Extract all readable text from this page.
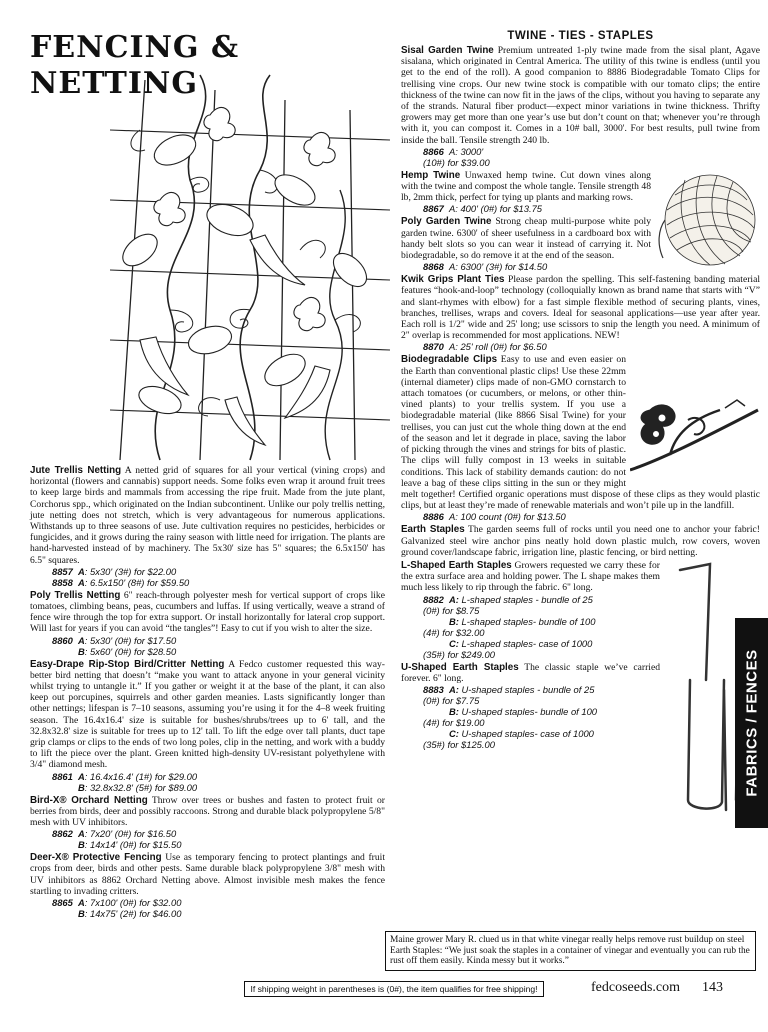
FENCING & NETTING
Jute Trellis Netting A netted grid of squares for all your vertical (vining crops) and horizontal (flowers and cannabis) support needs. Some folks even wrap it around fruit trees to keep large birds and mammals from accessing the ripe fruit. Made from the jute plant, Corchorus spp., which originated on the Indian subcontinent. Unlike our poly trellis netting, jute netting does not stretch, which is very advantageous for numerous applications. Withstands up to three seasons of use. Jute cultivation requires no pesticides, herbicides or fungicides, and it grows during the rainy season with little need for irrigation. The plants are hand-harvested instead of by machinery. The 5x30' size has 5" squares; the 6.5x150' has 6.5" squares.
8857 A: 5x30' (3#) for $22.00
8858 A: 6.5x150' (8#) for $59.50
Poly Trellis Netting 6" reach-through polyester mesh for vertical support of crops like tomatoes, climbing beans, peas, cucumbers and luffas. If using vertically, weave a strand of fence wire through the top for extra support. Or install horizontally for lateral crop support. Will last for years if you can avoid “the tangles”! Easy to cut if you wish to alter the size.
8860 A: 5x30' (0#) for $17.50
B: 5x60' (0#) for $28.50
Easy-Drape Rip-Stop Bird/Critter Netting A Fedco customer requested this way-better bird netting that doesn’t “make you want to attack anyone in your general vicinity whilst trying to untangle it.” If you gather or weight it at the base of the plant, it can also keep out porcupines, squirrels and other garden meanies. Lasts significantly longer than other nettings; lifespan is 7–10 seasons, assuming you’re using it for the 4–8 week fruiting season. The 16.4x16.4' size is suitable for bushes/shrubs/trees up to 6' tall, and the 32.8x32.8' size is suitable for trees up to 12' tall. To lift the edge over tall plants, duct tape grip clamps or clips to the ends of two long poles, clip in the netting, and work with a buddy to lift the piece over the plant. Green knitted high-density UV-resistant polyethylene with 3/4" diamond mesh.
8861 A: 16.4x16.4' (1#) for $29.00
B: 32.8x32.8' (5#) for $89.00
Bird-X® Orchard Netting Throw over trees or bushes and fasten to protect fruit or berries from birds, deer and possibly raccoons. Strong and durable black polypropylene 5/8" mesh with UV inhibitors.
8862 A: 7x20' (0#) for $16.50
B: 14x14' (0#) for $15.50
Deer-X® Protective Fencing Use as temporary fencing to protect plantings and fruit crops from deer, birds and other pests. Same durable black polypropylene 3/8" mesh with UV inhibitors as 8862 Orchard Netting above. Almost invisible mesh makes the fence startling to invading critters.
8865 A: 7x100' (0#) for $32.00
B: 14x75' (2#) for $46.00
TWINE - TIES - STAPLES
Sisal Garden Twine Premium untreated 1-ply twine made from the sisal plant, Agave sisalana, which originated in Central America. The utility of this twine is endless (until you get to the end of the roll). A good companion to 8886 Biodegradable Tomato Clips for trellising vine crops. Our new twine stock is compatible with our tomato clips; the entire thickness of the twine can now fit in the jaws of the clips, without you having to separate any of the strands. Natural fiber product—expect minor variations in twine thickness. Thrifty growers may get more than one year’s use but don’t count on that; whenever you’re through with it, you can compost it. Comes in a 10# ball, 3000'. For best results, pull twine from inside the ball. Tensile strength 240 lb.
8866 A: 3000'
(10#) for $39.00
Hemp Twine Unwaxed hemp twine. Cut down vines along with the twine and compost the whole tangle. Tensile strength 48 lb, 2mm thick, perfect for tying up plants and marking rows.
8867 A: 400' (0#) for $13.75
Poly Garden Twine Strong cheap multi-purpose white poly garden twine. 6300' of sheer usefulness in a cardboard box with handy belt slots so you can wear it instead of carrying it. Not biodegradable, so do remove it at the end of the season.
8868 A: 6300' (3#) for $14.50
Kwik Grips Plant Ties Please pardon the spelling. This self-fastening banding material features “hook-and-loop” technology (colloquially known as brand name that starts with “V” and slant-rhymes with elbow) for a fast simple flexible method of securing plants, vines, branches, trellises, wraps and covers. Ideal for seasonal applications—use year after year. Each roll is 1/2" wide and 25' long; use scissors to snip the length you need. A minimum of 2" overlap is recommended for most applications. NEW!
8870 A: 25' roll (0#) for $6.50
Biodegradable Clips Easy to use and even easier on the Earth than conventional plastic clips! Use these 22mm (internal diameter) clips made of non-GMO cornstarch to attach tomatoes (or cucumbers, or melons, or other thin-vined plants) to your trellis system. If you use a biodegradable material (like 8866 Sisal Twine) for your trellises, you can just cut the whole thing down at the end of the season and let it degrade in place, saving the labor of picking through the vines and strings for bits of plastic. The clips will fully compost in 13 weeks in suitable conditions. This lack of stability demands caution: do not leave a bag of these clips sitting in the sun or they might melt together! Certified organic operations must dispose of these clips as they would plastic clips, but at least they’re made of renewable materials and won’t pile up in the landfill.
8886 A: 100 count (0#) for $13.50
Earth Staples The garden seems full of rocks until you need one to anchor your fabric! Galvanized steel wire anchor pins neatly hold down plastic mulch, row covers, woven ground cover/landscape fabric, irrigation line, plastic fencing, or bird netting.
L-Shaped Earth Staples Growers requested we carry these for the extra surface area and holding power. The L shape makes them much less likely to rip through the fabric. 6" long.
8882 A: L-shaped staples - bundle of 25
(0#) for $8.75
B: L-shaped staples- bundle of 100
(4#) for $32.00
C: L-shaped staples- case of 1000
(35#) for $249.00
U-Shaped Earth Staples The classic staple we’ve carried forever. 6" long.
8883 A: U-shaped staples - bundle of 25
(0#) for $7.75
B: U-shaped staples- bundle of 100
(4#) for $19.00
C: U-shaped staples- case of 1000
(35#) for $125.00	FABRICS / FENCES
Maine grower Mary R. clued us in that white vinegar really helps remove rust buildup on steel Earth Staples: “We just soak the staples in a container of vinegar and eventually you can rub the rust off them easily. Kinda messy but it works.”
If shipping weight in parentheses is (0#), the item qualifies for free shipping!	fedcoseeds.com 143
